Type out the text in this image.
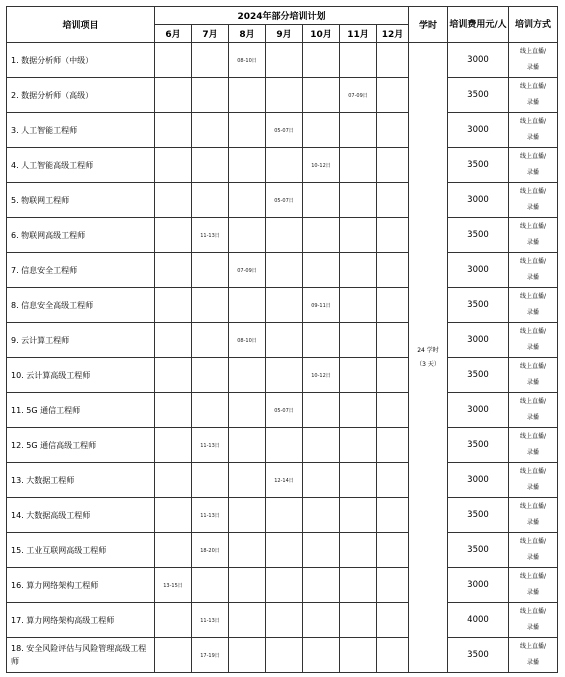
培训项目	2024年部分培训计划							学时	培训费用元/人	培训方式
	6月	7月	8月	9月	10月	11月	12月			
1. 数据分析师（中级）			08-10日					24 学时
（3 天）	3000	线上直播/
录播

2. 数据分析师（高级）						07-09日			3500	线上直播/
录播

3. 人工智能工程师				05-07日					3000	线上直播/
录播

4. 人工智能高级工程师					10-12日				3500	线上直播/
录播

5. 物联网工程师				05-07日					3000	线上直播/
录播

6. 物联网高级工程师		11-13日							3500	线上直播/
录播

7. 信息安全工程师			07-09日						3000	线上直播/
录播

8. 信息安全高级工程师					09-11日				3500	线上直播/
录播

9. 云计算工程师			08-10日						3000	线上直播/
录播

10. 云计算高级工程师					10-12日				3500	线上直播/
录播

11. 5G 通信工程师				05-07日					3000	线上直播/
录播

12. 5G 通信高级工程师		11-13日							3500	线上直播/
录播

13. 大数据工程师				12-14日					3000	线上直播/
录播

14. 大数据高级工程师		11-13日							3500	线上直播/
录播

15. 工业互联网高级工程师		18-20日							3500	线上直播/
录播

16. 算力网络架构工程师	13-15日								3000	线上直播/
录播

17. 算力网络架构高级工程师		11-13日							4000	线上直播/
录播

18. 安全风险评估与风险管理高级工程师		17-19日							3500	线上直播/
录播
